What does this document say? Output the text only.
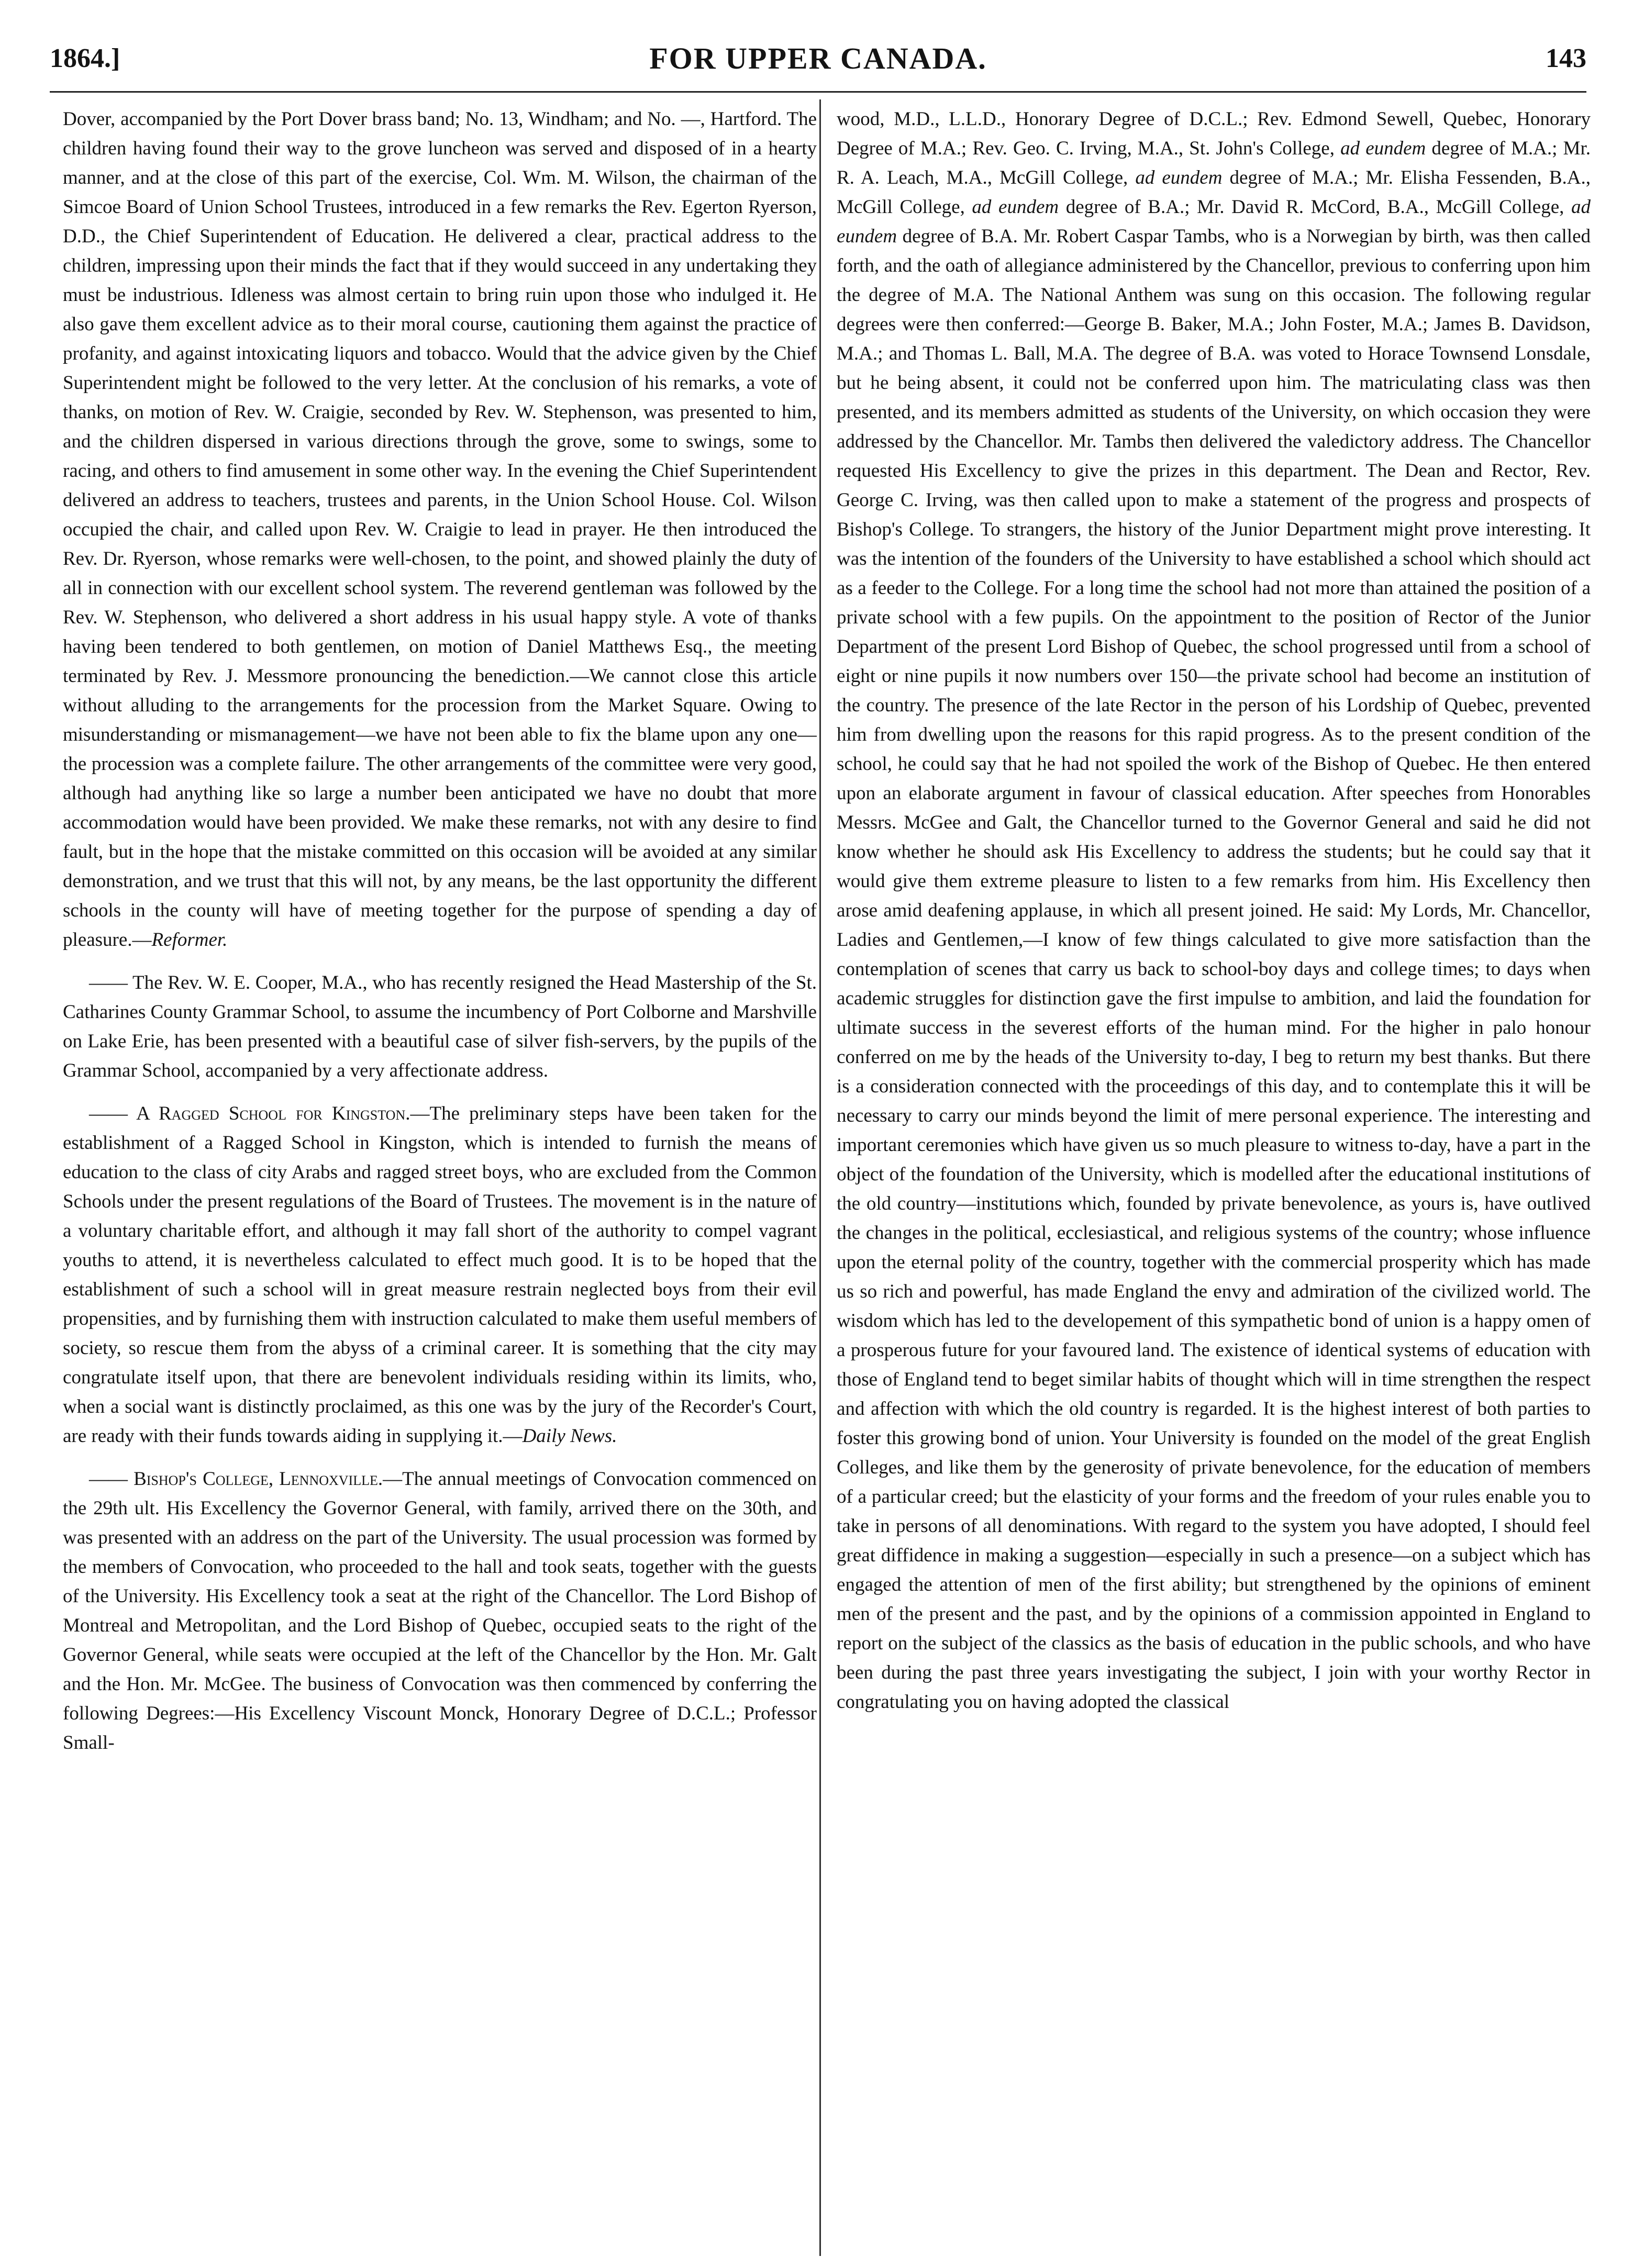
FOR UPPER CANADA.
1864.]	143

Dover, accompanied by the Port Dover brass band; No. 13, Windham; and No. —, Hartford. The children having found their way to the grove luncheon was served and disposed of in a hearty manner, and at the close of this part of the exercise, Col. Wm. M. Wilson, the chairman of the Simcoe Board of Union School Trustees, introduced in a few remarks the Rev. Egerton Ryerson, D.D., the Chief Superintendent of Education. He delivered a clear, practical address to the children, impressing upon their minds the fact that if they would succeed in any undertaking they must be industrious. Idleness was almost certain to bring ruin upon those who indulged it. He also gave them excellent advice as to their moral course, cautioning them against the practice of profanity, and against intoxicating liquors and tobacco. Would that the advice given by the Chief Superintendent might be followed to the very letter. At the conclusion of his remarks, a vote of thanks, on motion of Rev. W. Craigie, seconded by Rev. W. Stephenson, was presented to him, and the children dispersed in various directions through the grove, some to swings, some to racing, and others to find amusement in some other way. In the evening the Chief Superintendent delivered an address to teachers, trustees and parents, in the Union School House. Col. Wilson occupied the chair, and called upon Rev. W. Craigie to lead in prayer. He then introduced the Rev. Dr. Ryerson, whose remarks were well-chosen, to the point, and showed plainly the duty of all in connection with our excellent school system. The reverend gentleman was followed by the Rev. W. Stephenson, who delivered a short address in his usual happy style. A vote of thanks having been tendered to both gentlemen, on motion of Daniel Matthews Esq., the meeting terminated by Rev. J. Messmore pronouncing the benediction.—We cannot close this article without alluding to the arrangements for the procession from the Market Square. Owing to misunderstanding or mismanagement—we have not been able to fix the blame upon any one—the procession was a complete failure. The other arrangements of the committee were very good, although had anything like so large a number been anticipated we have no doubt that more accommodation would have been provided. We make these remarks, not with any desire to find fault, but in the hope that the mistake committed on this occasion will be avoided at any similar demonstration, and we trust that this will not, by any means, be the last opportunity the different schools in the county will have of meeting together for the purpose of spending a day of pleasure.—Reformer.

—— The Rev. W. E. Cooper, M.A., who has recently resigned the Head Mastership of the St. Catharines County Grammar School, to assume the incumbency of Port Colborne and Marshville on Lake Erie, has been presented with a beautiful case of silver fish-servers, by the pupils of the Grammar School, accompanied by a very affectionate address.

—— A Ragged School for Kingston.—The preliminary steps have been taken for the establishment of a Ragged School in Kingston, which is intended to furnish the means of education to the class of city Arabs and ragged street boys, who are excluded from the Common Schools under the present regulations of the Board of Trustees. The movement is in the nature of a voluntary charitable effort, and although it may fall short of the authority to compel vagrant youths to attend, it is nevertheless calculated to effect much good. It is to be hoped that the establishment of such a school will in great measure restrain neglected boys from their evil propensities, and by furnishing them with instruction calculated to make them useful members of society, so rescue them from the abyss of a criminal career. It is something that the city may congratulate itself upon, that there are benevolent individuals residing within its limits, who, when a social want is distinctly proclaimed, as this one was by the jury of the Recorder's Court, are ready with their funds towards aiding in supplying it.—Daily News.

—— Bishop's College, Lennoxville.—The annual meetings of Convocation commenced on the 29th ult. His Excellency the Governor General, with family, arrived there on the 30th, and was presented with an address on the part of the University. The usual procession was formed by the members of Convocation, who proceeded to the hall and took seats, together with the guests of the University. His Excellency took a seat at the right of the Chancellor. The Lord Bishop of Montreal and Metropolitan, and the Lord Bishop of Quebec, occupied seats to the right of the Governor General, while seats were occupied at the left of the Chancellor by the Hon. Mr. Galt and the Hon. Mr. McGee. The business of Convocation was then commenced by conferring the following Degrees:—His Excellency Viscount Monck, Honorary Degree of D.C.L.; Professor Small-

wood, M.D., L.L.D., Honorary Degree of D.C.L.; Rev. Edmond Sewell, Quebec, Honorary Degree of M.A.; Rev. Geo. C. Irving, M.A., St. John's College, ad eundem degree of M.A.; Mr. R. A. Leach, M.A., McGill College, ad eundem degree of M.A.; Mr. Elisha Fessenden, B.A., McGill College, ad eundem degree of B.A.; Mr. David R. McCord, B.A., McGill College, ad eundem degree of B.A. Mr. Robert Caspar Tambs, who is a Norwegian by birth, was then called forth, and the oath of allegiance administered by the Chancellor, previous to conferring upon him the degree of M.A. The National Anthem was sung on this occasion. The following regular degrees were then conferred:—George B. Baker, M.A.; John Foster, M.A.; James B. Davidson, M.A.; and Thomas L. Ball, M.A. The degree of B.A. was voted to Horace Townsend Lonsdale, but he being absent, it could not be conferred upon him. The matriculating class was then presented, and its members admitted as students of the University, on which occasion they were addressed by the Chancellor. Mr. Tambs then delivered the valedictory address. The Chancellor requested His Excellency to give the prizes in this department. The Dean and Rector, Rev. George C. Irving, was then called upon to make a statement of the progress and prospects of Bishop's College. To strangers, the history of the Junior Department might prove interesting. It was the intention of the founders of the University to have established a school which should act as a feeder to the College. For a long time the school had not more than attained the position of a private school with a few pupils. On the appointment to the position of Rector of the Junior Department of the present Lord Bishop of Quebec, the school progressed until from a school of eight or nine pupils it now numbers over 150—the private school had become an institution of the country. The presence of the late Rector in the person of his Lordship of Quebec, prevented him from dwelling upon the reasons for this rapid progress. As to the present condition of the school, he could say that he had not spoiled the work of the Bishop of Quebec. He then entered upon an elaborate argument in favour of classical education. After speeches from Honorables Messrs. McGee and Galt, the Chancellor turned to the Governor General and said he did not know whether he should ask His Excellency to address the students; but he could say that it would give them extreme pleasure to listen to a few remarks from him. His Excellency then arose amid deafening applause, in which all present joined. He said: My Lords, Mr. Chancellor, Ladies and Gentlemen,—I know of few things calculated to give more satisfaction than the contemplation of scenes that carry us back to school-boy days and college times; to days when academic struggles for distinction gave the first impulse to ambition, and laid the foundation for ultimate success in the severest efforts of the human mind. For the higher in palo honour conferred on me by the heads of the University to-day, I beg to return my best thanks. But there is a consideration connected with the proceedings of this day, and to contemplate this it will be necessary to carry our minds beyond the limit of mere personal experience. The interesting and important ceremonies which have given us so much pleasure to witness to-day, have a part in the object of the foundation of the University, which is modelled after the educational institutions of the old country—institutions which, founded by private benevolence, as yours is, have outlived the changes in the political, ecclesiastical, and religious systems of the country; whose influence upon the eternal polity of the country, together with the commercial prosperity which has made us so rich and powerful, has made England the envy and admiration of the civilized world. The wisdom which has led to the developement of this sympathetic bond of union is a happy omen of a prosperous future for your favoured land. The existence of identical systems of education with those of England tend to beget similar habits of thought which will in time strengthen the respect and affection with which the old country is regarded. It is the highest interest of both parties to foster this growing bond of union. Your University is founded on the model of the great English Colleges, and like them by the generosity of private benevolence, for the education of members of a particular creed; but the elasticity of your forms and the freedom of your rules enable you to take in persons of all denominations. With regard to the system you have adopted, I should feel great diffidence in making a suggestion—especially in such a presence—on a subject which has engaged the attention of men of the first ability; but strengthened by the opinions of eminent men of the present and the past, and by the opinions of a commission appointed in England to report on the subject of the classics as the basis of education in the public schools, and who have been during the past three years investigating the subject, I join with your worthy Rector in congratulating you on having adopted the classical
